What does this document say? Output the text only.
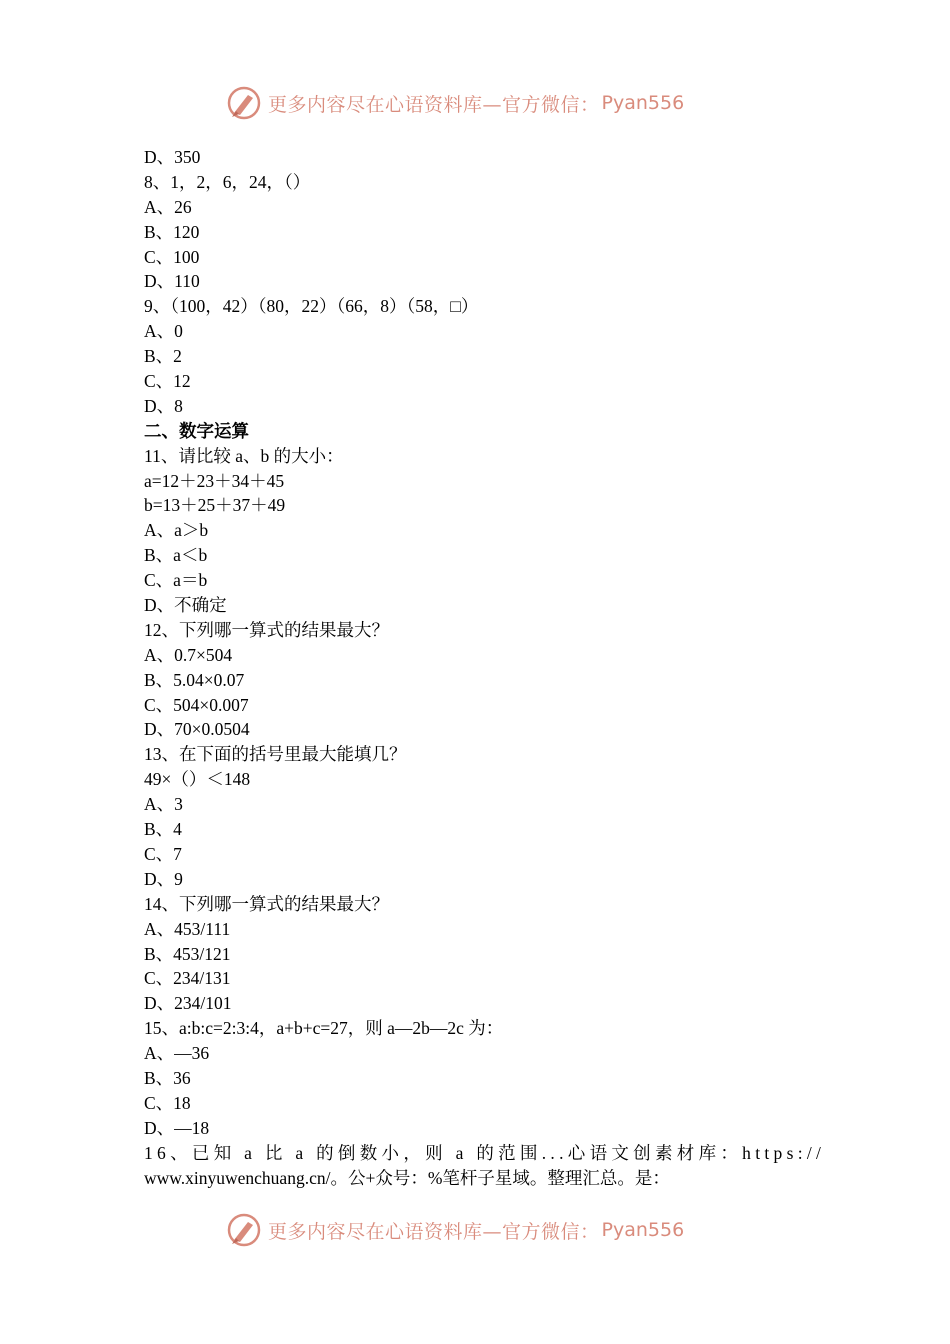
更多内容尽在心语资料库—官方微信： Pyan556
D、350
8、1，2，6，24，（）
A、26
B、120
C、100
D、110
9、（100，42）（80，22）（66，8）（58，□）
A、0
B、2
C、12
D、8
二、数字运算
11、请比较 a、b 的大小：
a=12＋23＋34＋45
b=13＋25＋37＋49
A、a＞b
B、a＜b
C、a＝b
D、不确定
12、下列哪一算式的结果最大？
A、0.7×504
B、5.04×0.07
C、504×0.007
D、70×0.0504
13、在下面的括号里最大能填几？
49×（）＜148
A、3
B、4
C、7
D、9
14、下列哪一算式的结果最大？
A、453/111
B、453/121
C、234/131
D、234/101
15、a:b:c=2:3:4，a+b+c=27，则 a—2b—2c 为：
A、—36
B、36
C、18
D、—18
16、已知 a 比 a 的倒数小，则 a 的范围...心语文创素材库：https://
www.xinyuwenchuang.cn/。公+众号：%笔杆子星域。整理汇总。是：
更多内容尽在心语资料库—官方微信： Pyan556
